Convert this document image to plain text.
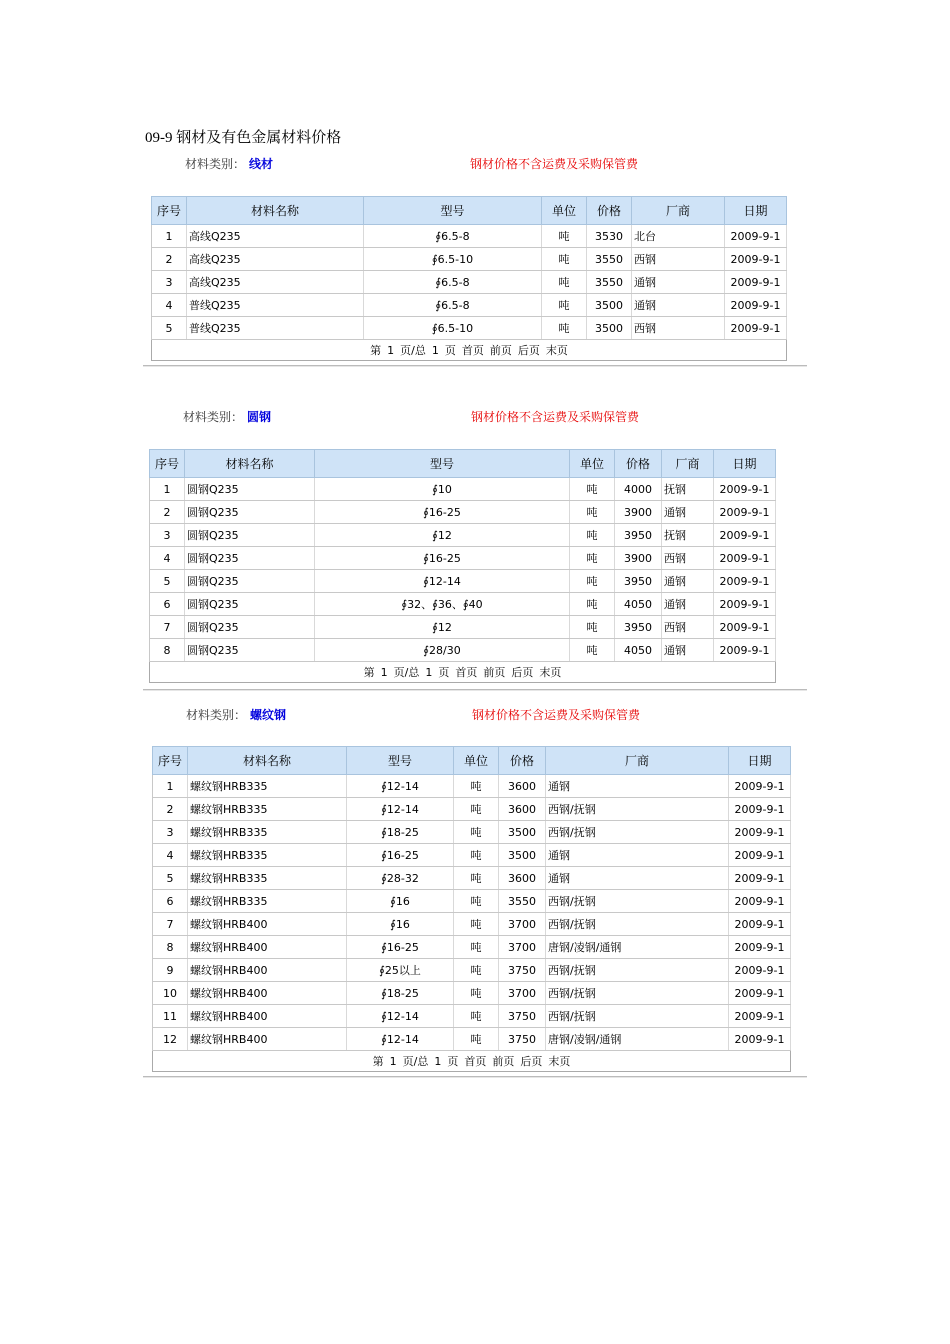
09-9 钢材及有色金属材料价格
材料类别： 线材	钢材价格不含运费及采购保管费
序号	材料名称	型号	单位	价格	厂商	日期
1	高线Q235	∮6.5-8	吨	3530	北台	2009-9-1
2	高线Q235	∮6.5-10	吨	3550	西钢	2009-9-1
3	高线Q235	∮6.5-8	吨	3550	通钢	2009-9-1
4	普线Q235	∮6.5-8	吨	3500	通钢	2009-9-1
5	普线Q235	∮6.5-10	吨	3500	西钢	2009-9-1
第 1 页/总 1 页 首页 前页 后页 末页						
材料类别： 圆钢	钢材价格不含运费及采购保管费
序号	材料名称	型号	单位	价格	厂商	日期
1	圆钢Q235	∮10	吨	4000	抚钢	2009-9-1
2	圆钢Q235	∮16-25	吨	3900	通钢	2009-9-1
3	圆钢Q235	∮12	吨	3950	抚钢	2009-9-1
4	圆钢Q235	∮16-25	吨	3900	西钢	2009-9-1
5	圆钢Q235	∮12-14	吨	3950	通钢	2009-9-1
6	圆钢Q235	∮32、∮36、∮40	吨	4050	通钢	2009-9-1
7	圆钢Q235	∮12	吨	3950	西钢	2009-9-1
8	圆钢Q235	∮28/30	吨	4050	通钢	2009-9-1
第 1 页/总 1 页 首页 前页 后页 末页						
材料类别： 螺纹钢	钢材价格不含运费及采购保管费
序号	材料名称	型号	单位	价格	厂商	日期
1	螺纹钢HRB335	∮12-14	吨	3600	通钢	2009-9-1
2	螺纹钢HRB335	∮12-14	吨	3600	西钢/抚钢	2009-9-1
3	螺纹钢HRB335	∮18-25	吨	3500	西钢/抚钢	2009-9-1
4	螺纹钢HRB335	∮16-25	吨	3500	通钢	2009-9-1
5	螺纹钢HRB335	∮28-32	吨	3600	通钢	2009-9-1
6	螺纹钢HRB335	∮16	吨	3550	西钢/抚钢	2009-9-1
7	螺纹钢HRB400	∮16	吨	3700	西钢/抚钢	2009-9-1
8	螺纹钢HRB400	∮16-25	吨	3700	唐钢/凌钢/通钢	2009-9-1
9	螺纹钢HRB400	∮25以上	吨	3750	西钢/抚钢	2009-9-1
10	螺纹钢HRB400	∮18-25	吨	3700	西钢/抚钢	2009-9-1
11	螺纹钢HRB400	∮12-14	吨	3750	西钢/抚钢	2009-9-1
12	螺纹钢HRB400	∮12-14	吨	3750	唐钢/凌钢/通钢	2009-9-1
第 1 页/总 1 页 首页 前页 后页 末页						
